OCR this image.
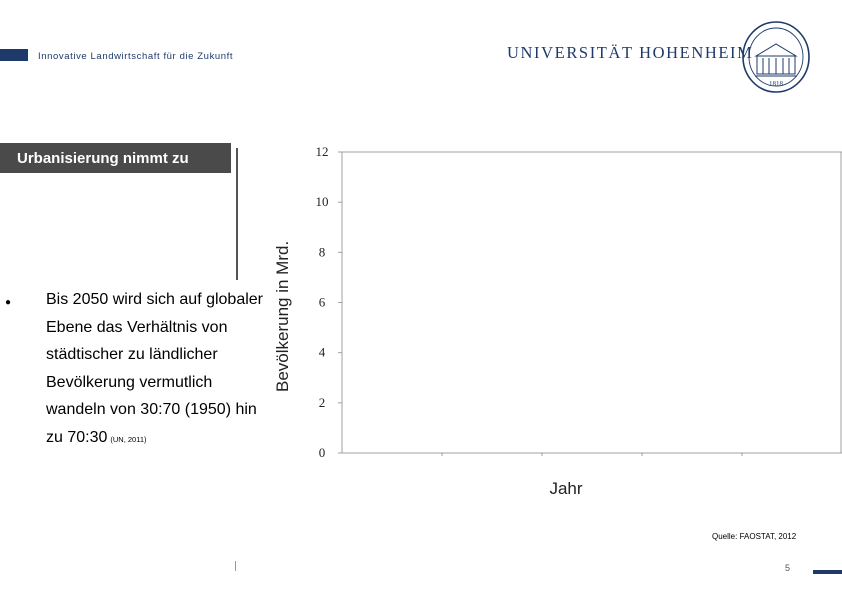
Innovative Landwirtschaft für die Zukunft	UNIVERSITÄT HOHENHEIM
1818
Urbanisierung nimmt zu
● Bis 2050 wird sich auf globaler Ebene das Verhältnis von städtischer zu ländlicher Bevölkerung vermutlich wandeln von 30:70 (1950) hin zu 70:30 (UN, 2011)
Bevölkerung in Mrd.
0
2
4
6
8
10
12
Jahr
Quelle: FAOSTAT, 2012
5
